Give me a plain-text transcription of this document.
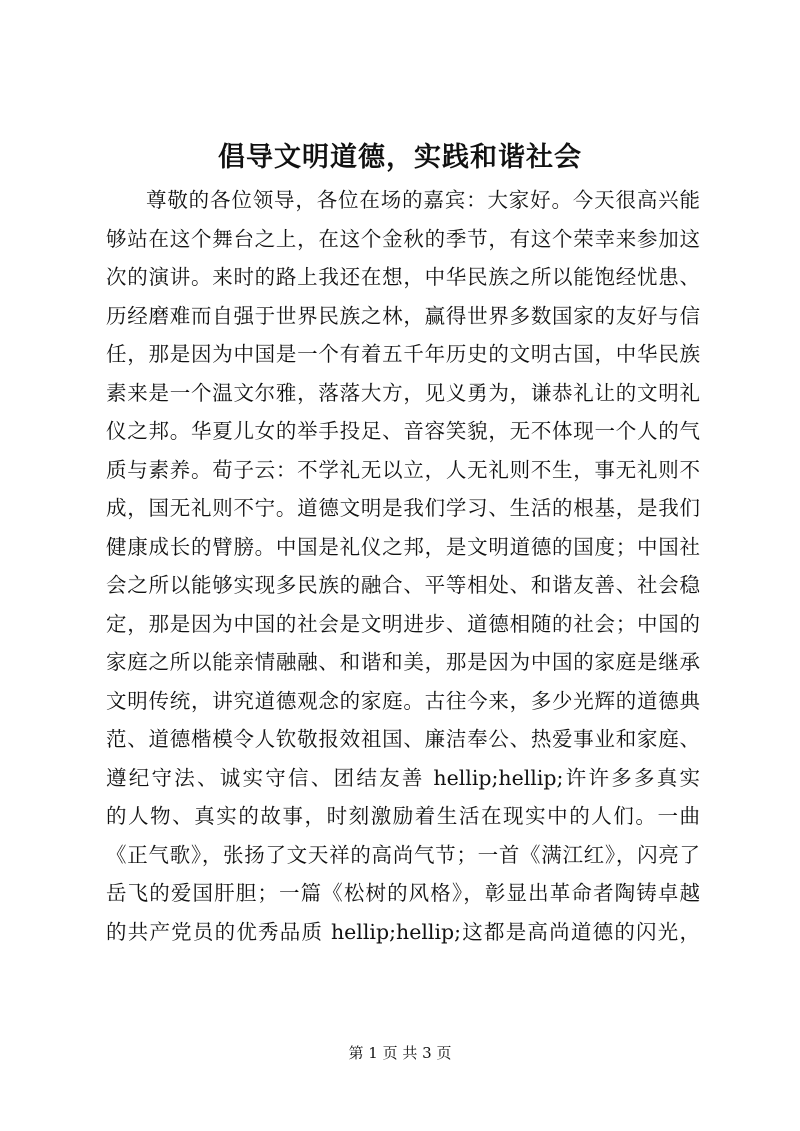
倡导文明道德，实践和谐社会
尊敬的各位领导，各位在场的嘉宾：大家好。今天很高兴能
够站在这个舞台之上，在这个金秋的季节，有这个荣幸来参加这
次的演讲。来时的路上我还在想，中华民族之所以能饱经忧患、
历经磨难而自强于世界民族之林，赢得世界多数国家的友好与信
任，那是因为中国是一个有着五千年历史的文明古国，中华民族
素来是一个温文尔雅，落落大方，见义勇为，谦恭礼让的文明礼
仪之邦。华夏儿女的举手投足、音容笑貌，无不体现一个人的气
质与素养。荀子云：不学礼无以立，人无礼则不生，事无礼则不
成，国无礼则不宁。道德文明是我们学习、生活的根基，是我们
健康成长的臂膀。中国是礼仪之邦，是文明道德的国度；中国社
会之所以能够实现多民族的融合、平等相处、和谐友善、社会稳
定，那是因为中国的社会是文明进步、道德相随的社会；中国的
家庭之所以能亲情融融、和谐和美，那是因为中国的家庭是继承
文明传统，讲究道德观念的家庭。古往今来，多少光辉的道德典
范、道德楷模令人钦敬报效祖国、廉洁奉公、热爱事业和家庭、
遵纪守法、诚实守信、团结友善 hellip;hellip;许许多多真实
的人物、真实的故事，时刻激励着生活在现实中的人们。一曲
《正气歌》，张扬了文天祥的高尚气节；一首《满江红》，闪亮了
岳飞的爱国肝胆；一篇《松树的风格》，彰显出革命者陶铸卓越
的共产党员的优秀品质 hellip;hellip;这都是高尚道德的闪光，
第 1 页 共 3 页
